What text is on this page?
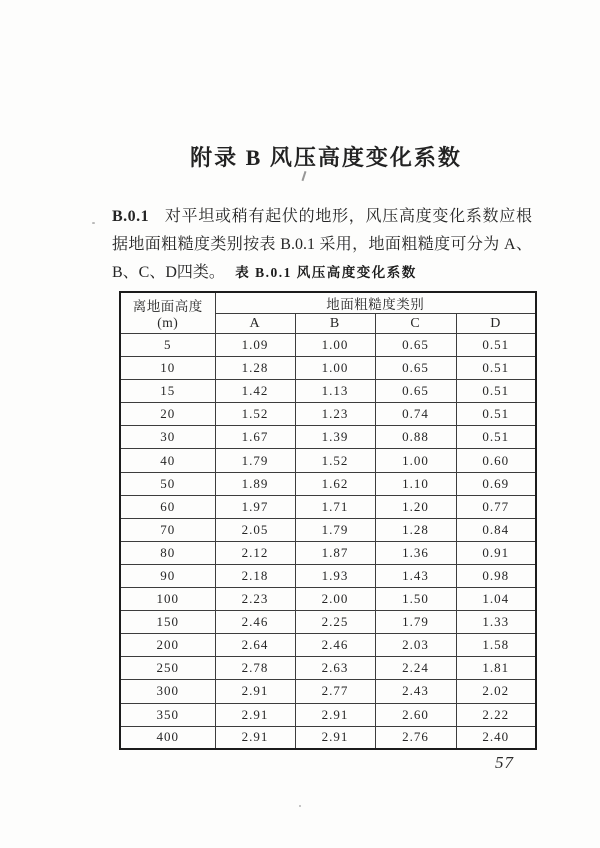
附录 B 风压高度变化系数

B.0.1 对平坦或稍有起伏的地形，风压高度变化系数应根据地面粗糙度类别按表 B.0.1 采用，地面粗糙度可分为 A、B、C、D四类。 表 B.0.1 风压高度变化系数
离地面高度 (m)	地面粗糙度类别			
	A	B	C	D
5	1.09	1.00	0.65	0.51
10	1.28	1.00	0.65	0.51
15	1.42	1.13	0.65	0.51
20	1.52	1.23	0.74	0.51
30	1.67	1.39	0.88	0.51
40	1.79	1.52	1.00	0.60
50	1.89	1.62	1.10	0.69
60	1.97	1.71	1.20	0.77
70	2.05	1.79	1.28	0.84
80	2.12	1.87	1.36	0.91
90	2.18	1.93	1.43	0.98
100	2.23	2.00	1.50	1.04
150	2.46	2.25	1.79	1.33
200	2.64	2.46	2.03	1.58
250	2.78	2.63	2.24	1.81
300	2.91	2.77	2.43	2.02
350	2.91	2.91	2.60	2.22
400	2.91	2.91	2.76	2.40
57
